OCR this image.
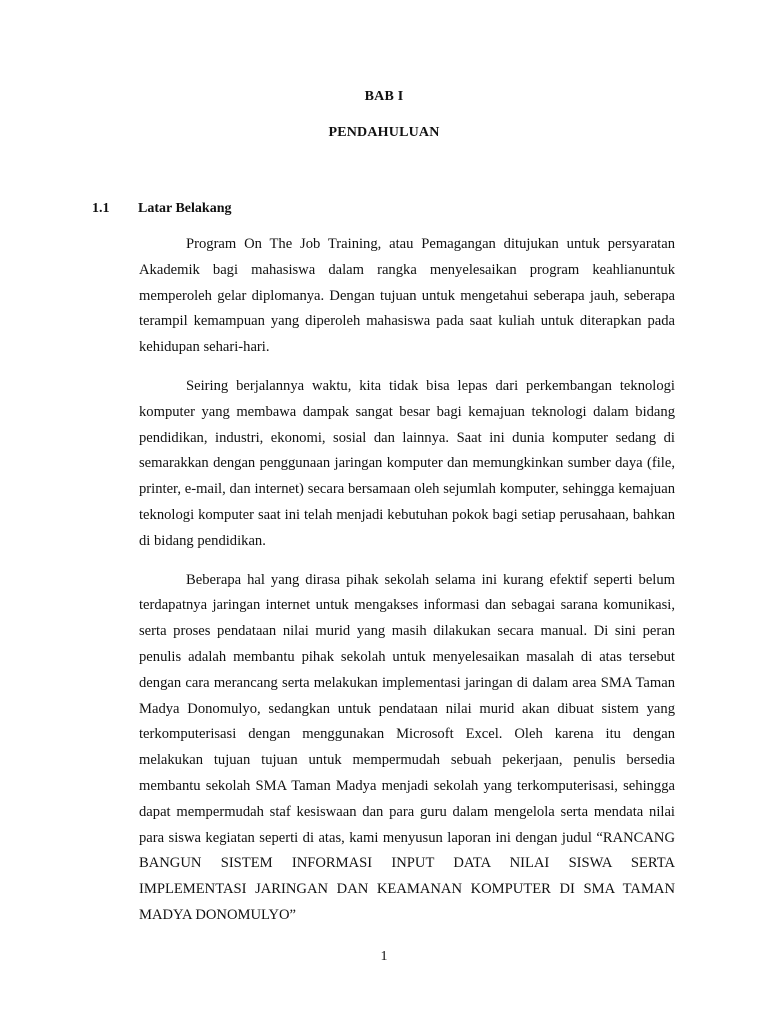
BAB I
PENDAHULUAN
1.1 Latar Belakang

Program On The Job Training, atau Pemagangan ditujukan untuk persyaratan Akademik bagi mahasiswa dalam rangka menyelesaikan program keahlianuntuk memperoleh gelar diplomanya. Dengan tujuan untuk mengetahui seberapa jauh, seberapa terampil kemampuan yang diperoleh mahasiswa pada saat kuliah untuk diterapkan pada kehidupan sehari-hari.

Seiring berjalannya waktu, kita tidak bisa lepas dari perkembangan teknologi komputer yang membawa dampak sangat besar bagi kemajuan teknologi dalam bidang pendidikan, industri, ekonomi, sosial dan lainnya. Saat ini dunia komputer sedang di semarakkan dengan penggunaan jaringan komputer dan memungkinkan sumber daya (file, printer, e-mail, dan internet) secara bersamaan oleh sejumlah komputer, sehingga kemajuan teknologi komputer saat ini telah menjadi kebutuhan pokok bagi setiap perusahaan, bahkan di bidang pendidikan.

Beberapa hal yang dirasa pihak sekolah selama ini kurang efektif seperti belum terdapatnya jaringan internet untuk mengakses informasi dan sebagai sarana komunikasi, serta proses pendataan nilai murid yang masih dilakukan secara manual. Di sini peran penulis adalah membantu pihak sekolah untuk menyelesaikan masalah di atas tersebut dengan cara merancang serta melakukan implementasi jaringan di dalam area SMA Taman Madya Donomulyo, sedangkan untuk pendataan nilai murid akan dibuat sistem yang terkomputerisasi dengan menggunakan Microsoft Excel. Oleh karena itu dengan melakukan tujuan tujuan untuk mempermudah sebuah pekerjaan, penulis bersedia membantu sekolah SMA Taman Madya menjadi sekolah yang terkomputerisasi, sehingga dapat mempermudah staf kesiswaan dan para guru dalam mengelola serta mendata nilai para siswa kegiatan seperti di atas, kami menyusun laporan ini dengan judul “RANCANG BANGUN SISTEM INFORMASI INPUT DATA NILAI SISWA SERTA IMPLEMENTASI JARINGAN DAN KEAMANAN KOMPUTER DI SMA TAMAN MADYA DONOMULYO”

1
